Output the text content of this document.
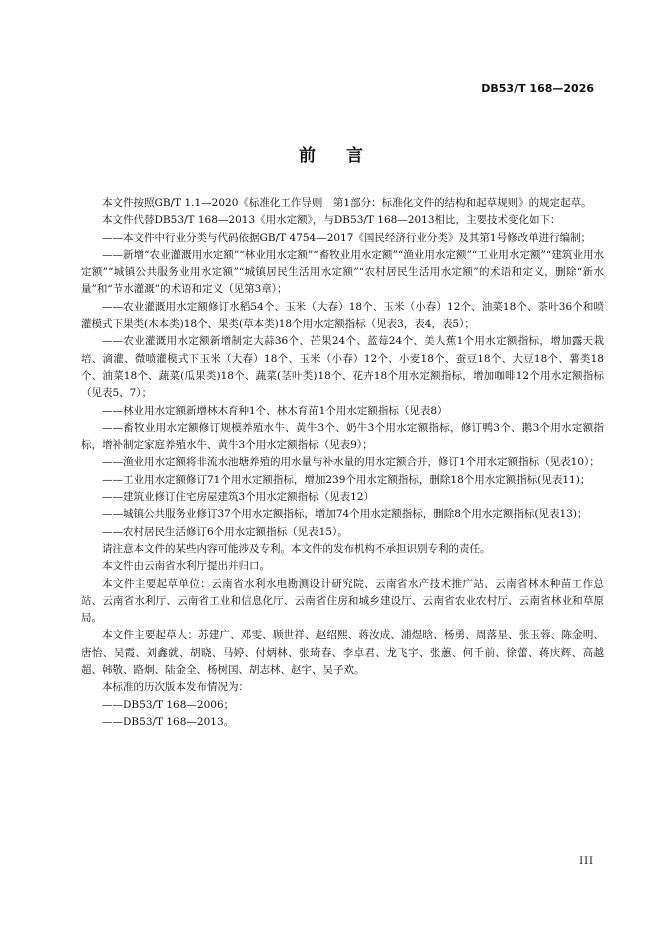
DB53/T 168—2026
前言

本文件按照GB/T 1.1—2020《标准化工作导则　第1部分：标准化文件的结构和起草规则》的规定起草。

本文件代替DB53/T 168—2013《用水定额》，与DB53/T 168—2013相比，主要技术变化如下：

——本文件中行业分类与代码依据GB/T 4754—2017《国民经济行业分类》及其第1号修改单进行编制；

——新增“农业灌溉用水定额”“林业用水定额”“畜牧业用水定额”“渔业用水定额”“工业用水定额”“建筑业用水定额”“城镇公共服务业用水定额”“城镇居民生活用水定额”“农村居民生活用水定额”的术语和定义，删除“新水量”和“节水灌溉”的术语和定义（见第3章）；

——农业灌溉用水定额修订水稻54个、玉米（大春）18个、玉米（小春）12个、油菜18个、茶叶36个和喷灌模式下果类(木本类)18个、果类(草本类)18个用水定额指标（见表3，表4，表5）；

——农业灌溉用水定额新增制定大蒜36个、芒果24个、蓝莓24个、美人蕉1个用水定额指标，增加露天栽培、滴灌、微喷灌模式下玉米（大春）18个、玉米（小春）12个、小麦18个、蚕豆18个、大豆18个、薯类18个、油菜18个、蔬菜(瓜果类)18个、蔬菜(茎叶类)18个、花卉18个用水定额指标，增加咖啡12个用水定额指标（见表5、7）；

——林业用水定额新增林木育种1个、林木育苗1个用水定额指标（见表8）

——畜牧业用水定额修订规模养殖水牛、黄牛3个、奶牛3个用水定额指标，修订鸭3个、鹅3个用水定额指标，增补制定家庭养殖水牛、黄牛3个用水定额指标（见表9）；

——渔业用水定额将非流水池塘养殖的用水量与补水量的用水定额合并，修订1个用水定额指标（见表10）；

——工业用水定额修订71个用水定额指标，增加239个用水定额指标，删除18个用水定额指标(见表11)；

——建筑业修订住宅房屋建筑3个用水定额指标（见表12）

——城镇公共服务业修订37个用水定额指标，增加74个用水定额指标，删除8个用水定额指标(见表13)；

——农村居民生活修订6个用水定额指标（见表15）。

请注意本文件的某些内容可能涉及专利。本文件的发布机构不承担识别专利的责任。

本文件由云南省水利厅提出并归口。

本文件主要起草单位：云南省水利水电勘测设计研究院、云南省水产技术推广站、云南省林木种苗工作总站、云南省水利厅、云南省工业和信息化厅、云南省住房和城乡建设厅、云南省农业农村厅、云南省林业和草原局。

本文件主要起草人：苏建广、邓雯、顾世祥、赵绍熙、蒋汝成、浦煜晗、杨勇、周落星、张玉蓉、陈金明、唐怡、吴霞、刘鑫就、胡晓、马婷、付炳林、张琦春、李卓君、龙飞宇、张蕙、何千前、徐蕾、蒋庆辉、高越超、韩敬、路炯、陆金全、杨树国、胡志林、赵宇、吴子欢。

本标准的历次版本发布情况为：

——DB53/T 168—2006；

——DB53/T 168—2013。

III
